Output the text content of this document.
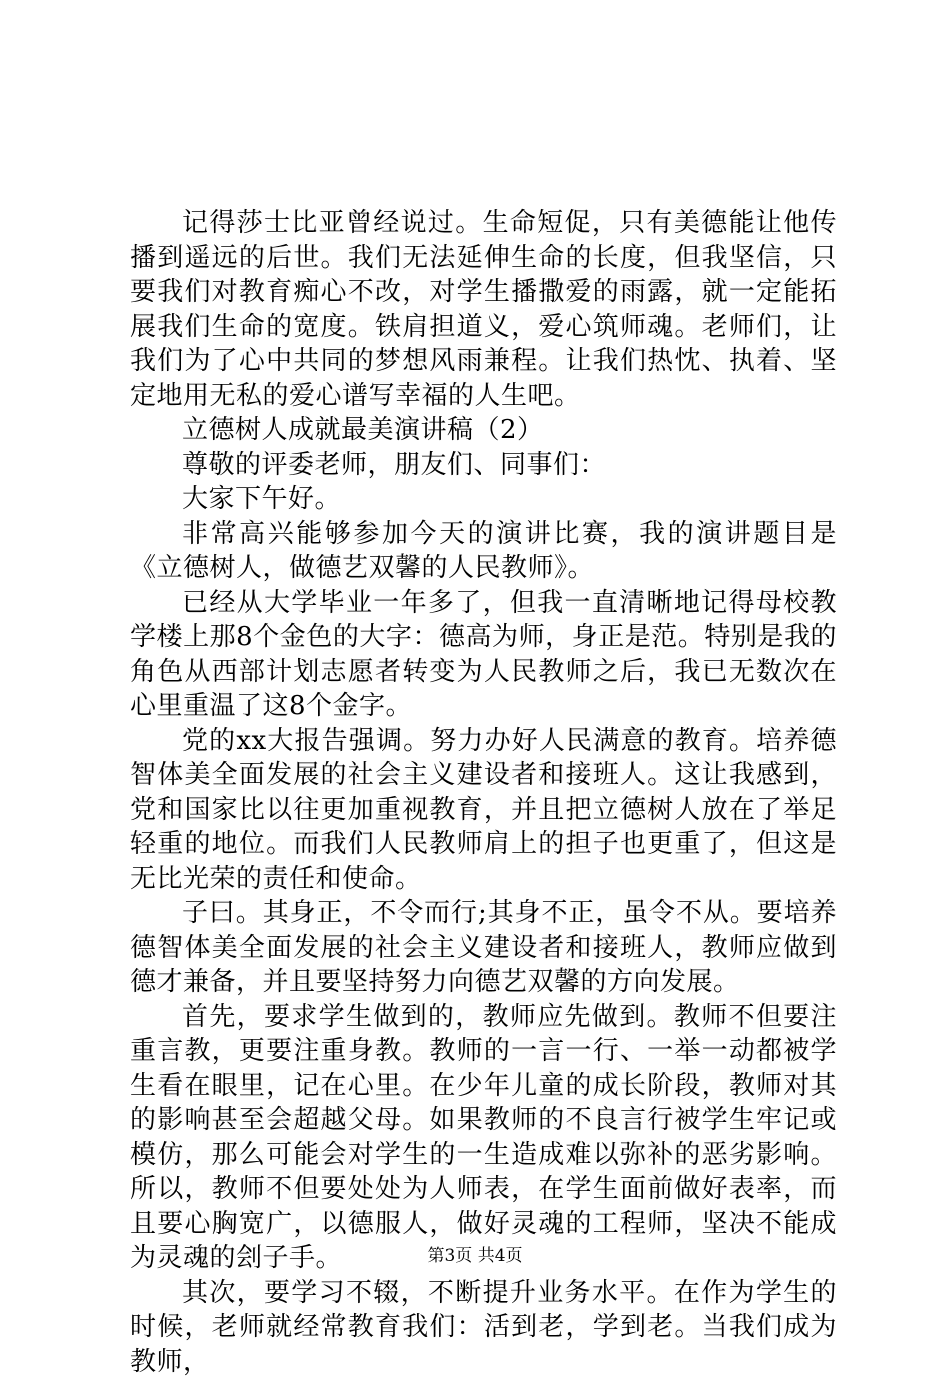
记得莎士比亚曾经说过。生命短促，只有美德能让他传播到遥远的后世。我们无法延伸生命的长度，但我坚信，只要我们对教育痴心不改，对学生播撒爱的雨露，就一定能拓展我们生命的宽度。铁肩担道义，爱心筑师魂。老师们，让我们为了心中共同的梦想风雨兼程。让我们热忱、执着、坚定地用无私的爱心谱写幸福的人生吧。

立德树人成就最美演讲稿（2）

尊敬的评委老师，朋友们、同事们：

大家下午好。

非常高兴能够参加今天的演讲比赛，我的演讲题目是《立德树人，做德艺双馨的人民教师》。

已经从大学毕业一年多了，但我一直清晰地记得母校教学楼上那8个金色的大字：德高为师，身正是范。特别是我的角色从西部计划志愿者转变为人民教师之后，我已无数次在心里重温了这8个金字。

党的xx大报告强调。努力办好人民满意的教育。培养德智体美全面发展的社会主义建设者和接班人。这让我感到，党和国家比以往更加重视教育，并且把立德树人放在了举足轻重的地位。而我们人民教师肩上的担子也更重了，但这是无比光荣的责任和使命。

子曰。其身正，不令而行;其身不正，虽令不从。要培养德智体美全面发展的社会主义建设者和接班人，教师应做到德才兼备，并且要坚持努力向德艺双馨的方向发展。

首先，要求学生做到的，教师应先做到。教师不但要注重言教，更要注重身教。教师的一言一行、一举一动都被学生看在眼里，记在心里。在少年儿童的成长阶段，教师对其的影响甚至会超越父母。如果教师的不良言行被学生牢记或模仿，那么可能会对学生的一生造成难以弥补的恶劣影响。所以，教师不但要处处为人师表，在学生面前做好表率，而且要心胸宽广，以德服人，做好灵魂的工程师，坚决不能成为灵魂的刽子手。

其次，要学习不辍，不断提升业务水平。在作为学生的时候，老师就经常教育我们：活到老，学到老。当我们成为教师，

第3页 共4页
